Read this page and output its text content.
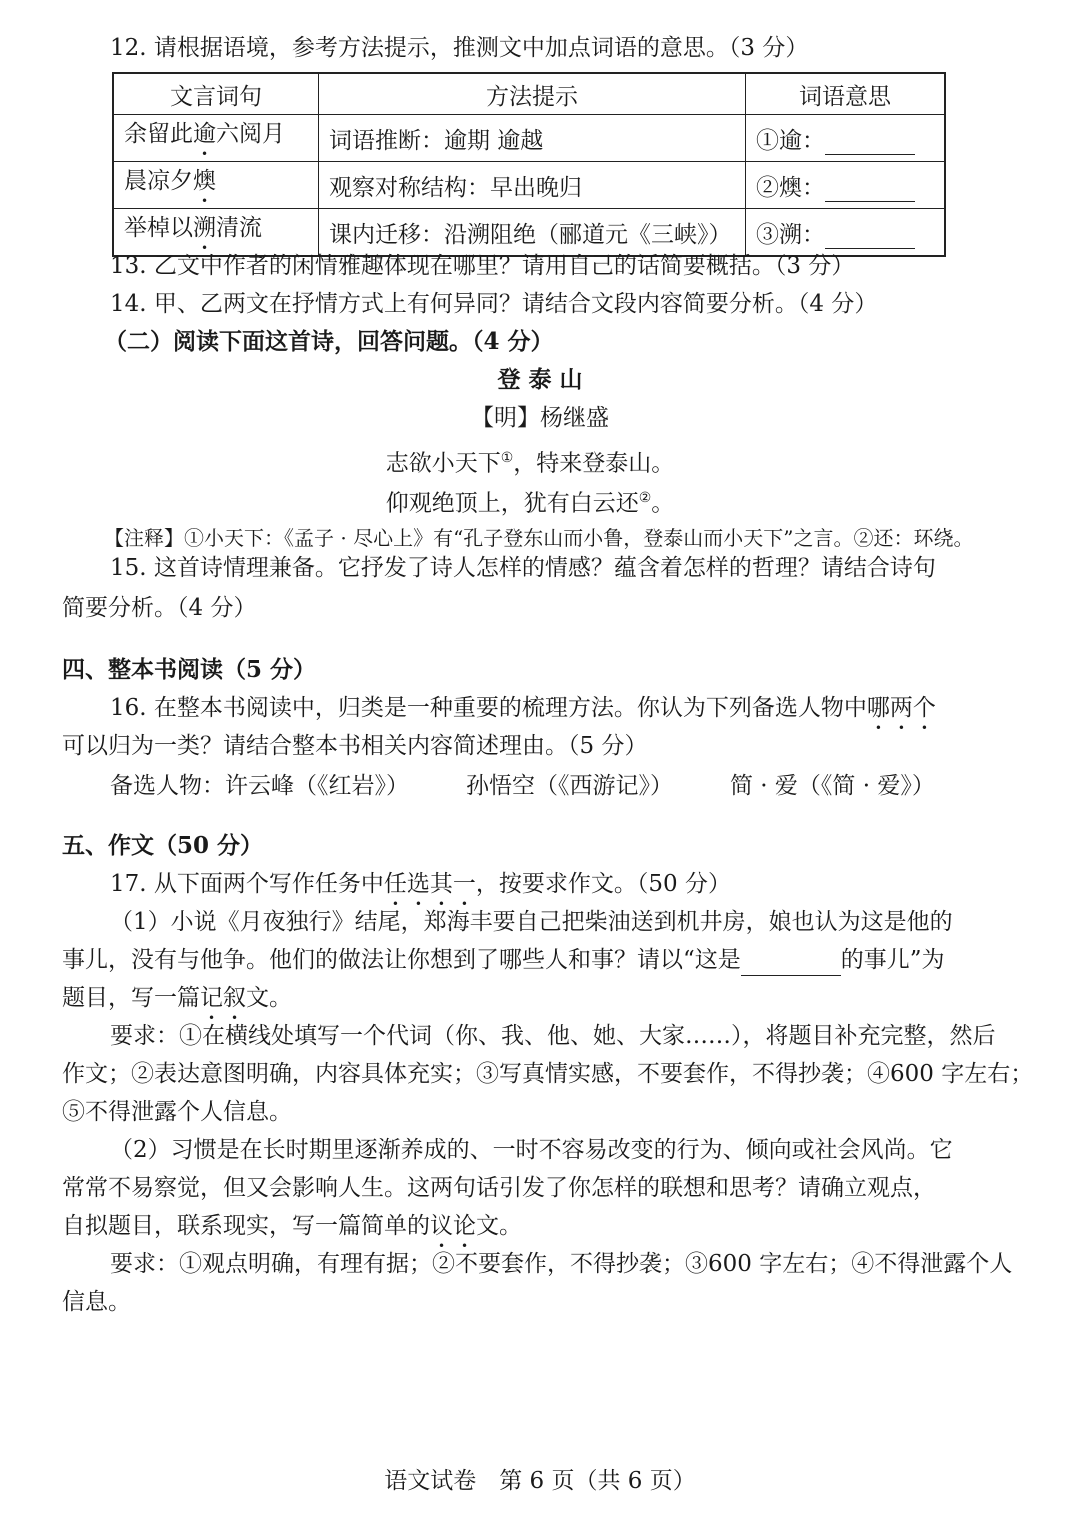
12. 请根据语境，参考方法提示，推测文中加点词语的意思。（3 分）
文言词句	方法提示	词语意思
余留此逾六阅月	词语推断：逾期 逾越	①逾：
晨凉夕燠	观察对称结构：早出晚归	②燠：
举棹以溯清流	课内迁移：沿溯阻绝（郦道元《三峡》）	③溯：
13. 乙文中作者的闲情雅趣体现在哪里？请用自己的话简要概括。（3 分）
14. 甲、乙两文在抒情方式上有何异同？请结合文段内容简要分析。（4 分）
（二）阅读下面这首诗，回答问题。（4 分）
登 泰 山
【明】杨继盛
志欲小天下①，特来登泰山。
仰观绝顶上，犹有白云还②。
【注释】①小天下：《孟子 · 尽心上》有“孔子登东山而小鲁，登泰山而小天下”之言。②还：环绕。
15. 这首诗情理兼备。它抒发了诗人怎样的情感？蕴含着怎样的哲理？请结合诗句
简要分析。（4 分）
四、整本书阅读（5 分）
16. 在整本书阅读中，归类是一种重要的梳理方法。你认为下列备选人物中哪两个
可以归为一类？请结合整本书相关内容简述理由。（5 分）
备选人物：许云峰（《红岩》） 孙悟空（《西游记》） 简 · 爱（《简 · 爱》）
五、作文（50 分）
17. 从下面两个写作任务中任选其一，按要求作文。（50 分）
（1）小说《月夜独行》结尾，郑海丰要自己把柴油送到机井房，娘也认为这是他的
事儿，没有与他争。他们的做法让你想到了哪些人和事？请以“这是	的事儿”为
题目，写一篇记叙文。
要求：①在横线处填写一个代词（你、我、他、她、大家……），将题目补充完整，然后
作文；②表达意图明确，内容具体充实；③写真情实感，不要套作，不得抄袭；④600 字左右；
⑤不得泄露个人信息。
（2）习惯是在长时期里逐渐养成的、一时不容易改变的行为、倾向或社会风尚。它
常常不易察觉，但又会影响人生。这两句话引发了你怎样的联想和思考？请确立观点，
自拟题目，联系现实，写一篇简单的议论文。
要求：①观点明确，有理有据；②不要套作，不得抄袭；③600 字左右；④不得泄露个人
信息。
语文试卷　第 6 页（共 6 页）
